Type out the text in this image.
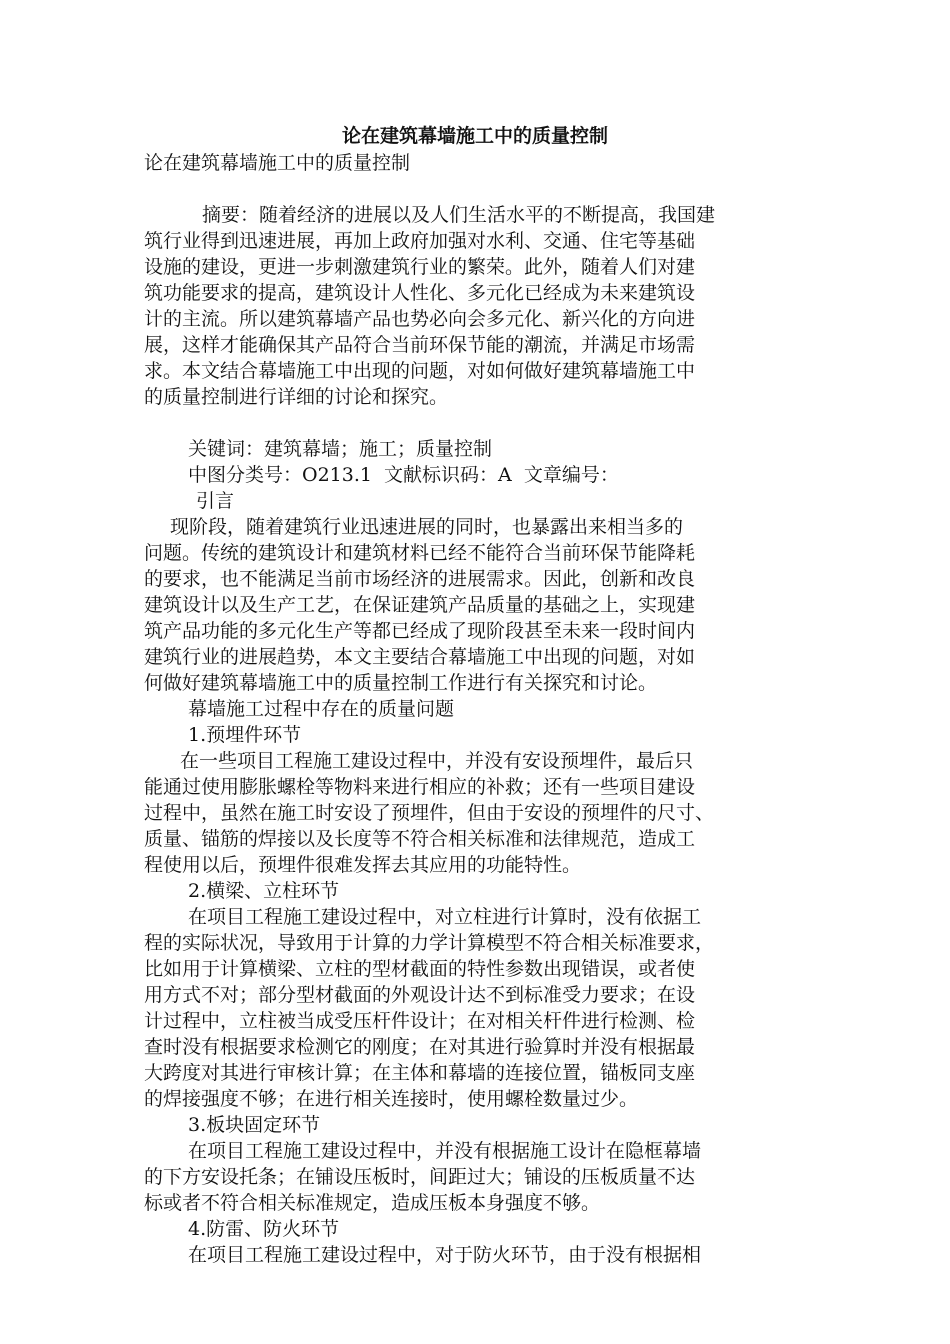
论在建筑幕墙施工中的质量控制
论在建筑幕墙施工中的质量控制
摘要：随着经济的进展以及人们生活水平的不断提高，我国建
筑行业得到迅速进展，再加上政府加强对水利、交通、住宅等基础
设施的建设，更进一步刺激建筑行业的繁荣。此外，随着人们对建
筑功能要求的提高，建筑设计人性化、多元化已经成为未来建筑设
计的主流。所以建筑幕墙产品也势必向会多元化、新兴化的方向进
展，这样才能确保其产品符合当前环保节能的潮流，并满足市场需
求。本文结合幕墙施工中出现的问题，对如何做好建筑幕墙施工中
的质量控制进行详细的讨论和探究。
关键词：建筑幕墙；施工；质量控制
中图分类号：O213.1  文献标识码：A  文章编号：
引言
现阶段，随着建筑行业迅速进展的同时，也暴露出来相当多的
问题。传统的建筑设计和建筑材料已经不能符合当前环保节能降耗
的要求，也不能满足当前市场经济的进展需求。因此，创新和改良
建筑设计以及生产工艺，在保证建筑产品质量的基础之上，实现建
筑产品功能的多元化生产等都已经成了现阶段甚至未来一段时间内
建筑行业的进展趋势，本文主要结合幕墙施工中出现的问题，对如
何做好建筑幕墙施工中的质量控制工作进行有关探究和讨论。
幕墙施工过程中存在的质量问题
1.预埋件环节
在一些项目工程施工建设过程中，并没有安设预埋件，最后只
能通过使用膨胀螺栓等物料来进行相应的补救；还有一些项目建设
过程中，虽然在施工时安设了预埋件，但由于安设的预埋件的尺寸、
质量、锚筋的焊接以及长度等不符合相关标准和法律规范，造成工
程使用以后，预埋件很难发挥去其应用的功能特性。
2.横梁、立柱环节
在项目工程施工建设过程中，对立柱进行计算时，没有依据工
程的实际状况，导致用于计算的力学计算模型不符合相关标准要求，
比如用于计算横梁、立柱的型材截面的特性参数出现错误，或者使
用方式不对；部分型材截面的外观设计达不到标准受力要求；在设
计过程中，立柱被当成受压杆件设计；在对相关杆件进行检测、检
查时没有根据要求检测它的刚度；在对其进行验算时并没有根据最
大跨度对其进行审核计算；在主体和幕墙的连接位置，锚板同支座
的焊接强度不够；在进行相关连接时，使用螺栓数量过少。
3.板块固定环节
在项目工程施工建设过程中，并没有根据施工设计在隐框幕墙
的下方安设托条；在铺设压板时，间距过大；铺设的压板质量不达
标或者不符合相关标准规定，造成压板本身强度不够。
4.防雷、防火环节
在项目工程施工建设过程中，对于防火环节，由于没有根据相
